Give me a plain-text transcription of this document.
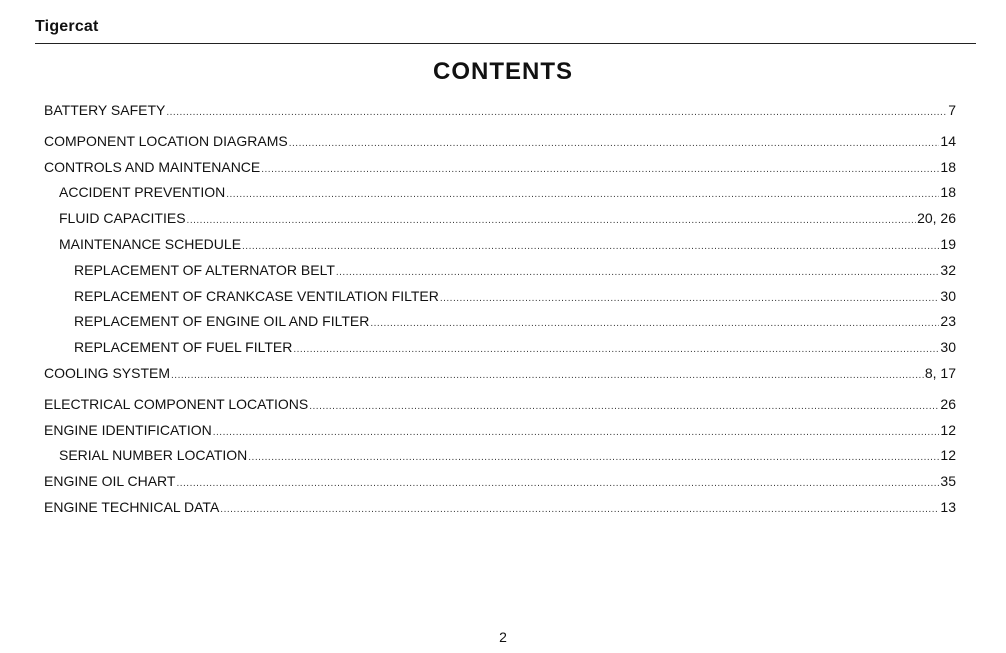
Tigercat
CONTENTS
BATTERY SAFETY .....	7
COMPONENT LOCATION DIAGRAMS .....	14
CONTROLS AND MAINTENANCE .....	18
ACCIDENT PREVENTION .....	18
FLUID CAPACITIES .....	20, 26
MAINTENANCE SCHEDULE .....	19
REPLACEMENT OF ALTERNATOR BELT .....	32
REPLACEMENT OF CRANKCASE VENTILATION FILTER .....	30
REPLACEMENT OF ENGINE OIL AND FILTER .....	23
REPLACEMENT OF FUEL FILTER .....	30
COOLING SYSTEM .....	8, 17
ELECTRICAL COMPONENT LOCATIONS .....	26
ENGINE IDENTIFICATION .....	12
SERIAL NUMBER LOCATION .....	12
ENGINE OIL CHART .....	35
ENGINE TECHNICAL DATA .....	13
2
